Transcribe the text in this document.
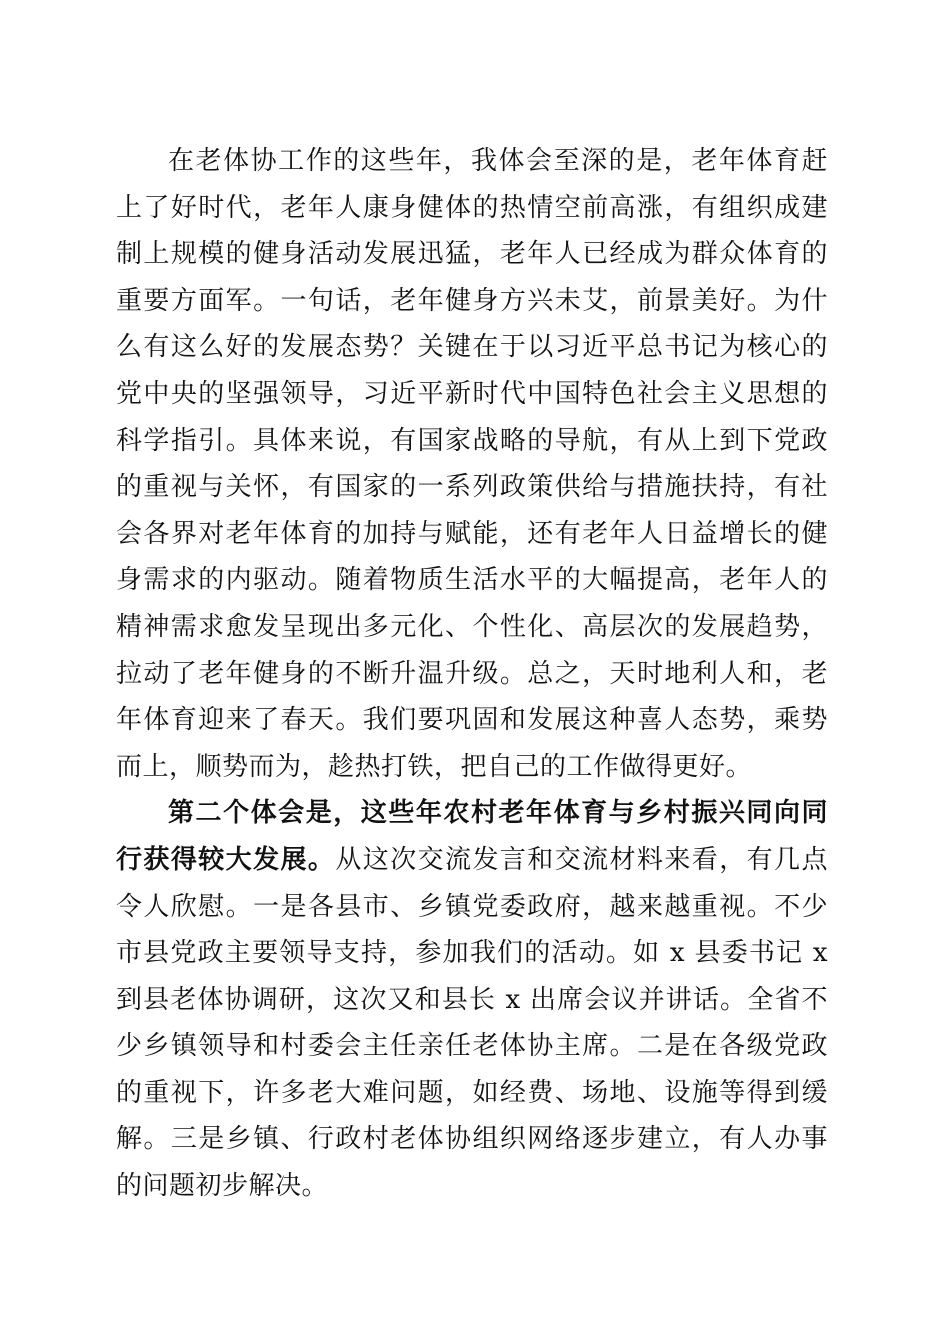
在老体协工作的这些年，我体会至深的是，老年体育赶上了好时代，老年人康身健体的热情空前高涨，有组织成建制上规模的健身活动发展迅猛，老年人已经成为群众体育的重要方面军。一句话，老年健身方兴未艾，前景美好。为什么有这么好的发展态势？关键在于以习近平总书记为核心的党中央的坚强领导，习近平新时代中国特色社会主义思想的科学指引。具体来说，有国家战略的导航，有从上到下党政的重视与关怀，有国家的一系列政策供给与措施扶持，有社会各界对老年体育的加持与赋能，还有老年人日益增长的健身需求的内驱动。随着物质生活水平的大幅提高，老年人的精神需求愈发呈现出多元化、个性化、高层次的发展趋势，拉动了老年健身的不断升温升级。总之，天时地利人和，老年体育迎来了春天。我们要巩固和发展这种喜人态势，乘势而上，顺势而为，趁热打铁，把自己的工作做得更好。

第二个体会是，这些年农村老年体育与乡村振兴同向同行获得较大发展。从这次交流发言和交流材料来看，有几点令人欣慰。一是各县市、乡镇党委政府，越来越重视。不少市县党政主要领导支持，参加我们的活动。如 x 县委书记 x 到县老体协调研，这次又和县长 x 出席会议并讲话。全省不少乡镇领导和村委会主任亲任老体协主席。二是在各级党政的重视下，许多老大难问题，如经费、场地、设施等得到缓解。三是乡镇、行政村老体协组织网络逐步建立，有人办事的问题初步解决。
